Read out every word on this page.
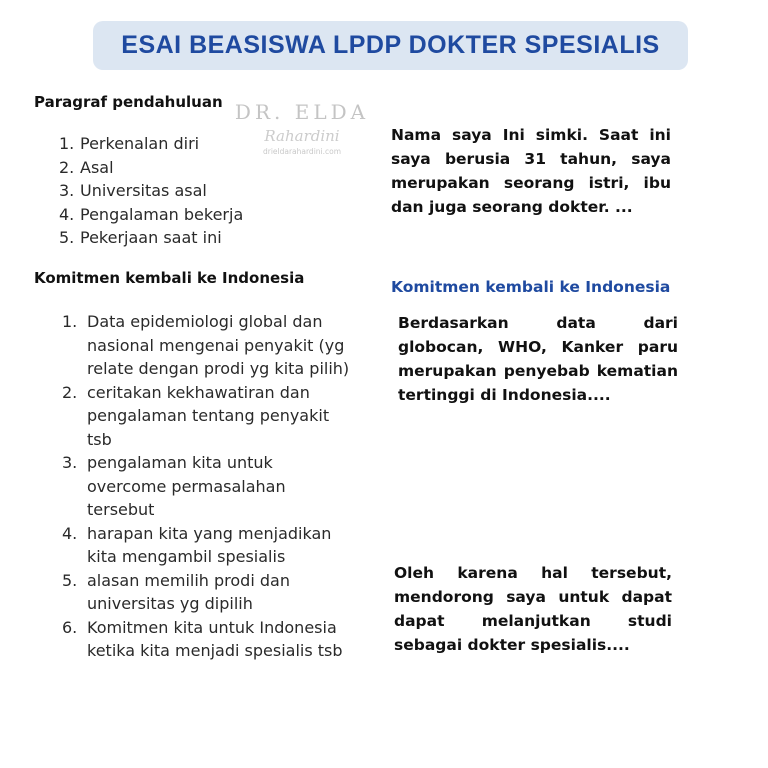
ESAI BEASISWA LPDP DOKTER SPESIALIS
DR. ELDA
Rahardini
drieldarahardini.com
Paragraf pendahuluan
1. Perkenalan diri
2. Asal
3. Universitas asal
4. Pengalaman bekerja
5. Pekerjaan saat ini
Komitmen kembali ke Indonesia
1. Data epidemiologi global dan nasional mengenai penyakit (yg relate dengan prodi yg kita pilih)
2. ceritakan kekhawatiran dan pengalaman tentang penyakit tsb
3. pengalaman kita untuk overcome permasalahan tersebut
4. harapan kita yang menjadikan kita mengambil spesialis
5. alasan memilih prodi dan universitas yg dipilih
6. Komitmen kita untuk Indonesia ketika kita menjadi spesialis tsb
Nama saya Ini simki. Saat ini saya berusia 31 tahun, saya merupakan seorang istri, ibu dan juga seorang dokter. ...
Komitmen kembali ke Indonesia
Berdasarkan data dari globocan, WHO, Kanker paru merupakan penyebab kematian tertinggi di Indonesia....
Oleh karena hal tersebut, mendorong saya untuk dapat dapat melanjutkan studi sebagai dokter spesialis....
